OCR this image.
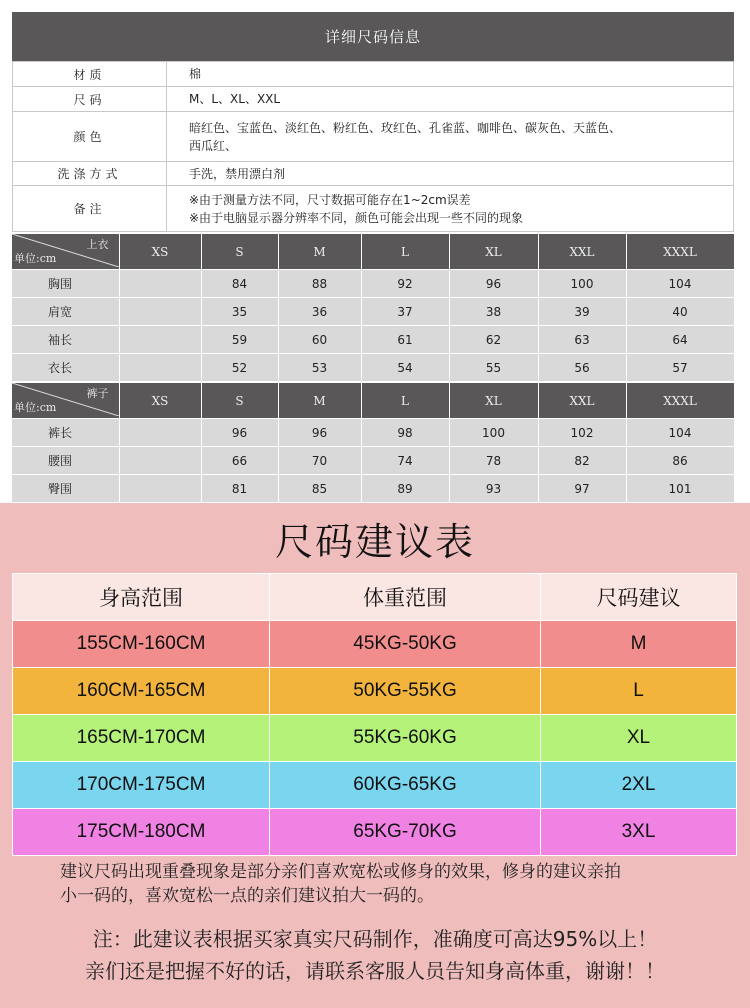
详细尺码信息
材质	棉

尺码	M、L、XL、XXL

颜色	暗红色、宝蓝色、淡红色、粉红色、玫红色、孔雀蓝、咖啡色、碳灰色、天蓝色、
西瓜红、

洗涤方式	手洗，禁用漂白剂

备注	※由于测量方法不同，尺寸数据可能存在1~2cm误差
※由于电脑显示器分辨率不同，颜色可能会出现一些不同的现象
上衣
单位:cm	XS	S	M	L	XL	XXL	XXXL
胸围		84	88	92	96	100	104
肩宽		35	36	37	38	39	40
袖长		59	60	61	62	63	64
衣长		52	53	54	55	56	57
裤子
单位:cm	XS	S	M	L	XL	XXL	XXXL
裤长		96	96	98	100	102	104
腰围		66	70	74	78	82	86
臀围		81	85	89	93	97	101
尺码建议表
身高范围	体重范围	尺码建议
155CM-160CM	45KG-50KG	M
160CM-165CM	50KG-55KG	L
165CM-170CM	55KG-60KG	XL
170CM-175CM	60KG-65KG	2XL
175CM-180CM	65KG-70KG	3XL
建议尺码出现重叠现象是部分亲们喜欢宽松或修身的效果，修身的建议亲拍
小一码的，喜欢宽松一点的亲们建议拍大一码的。
注：此建议表根据买家真实尺码制作，准确度可高达95%以上！
亲们还是把握不好的话，请联系客服人员告知身高体重，谢谢！！
